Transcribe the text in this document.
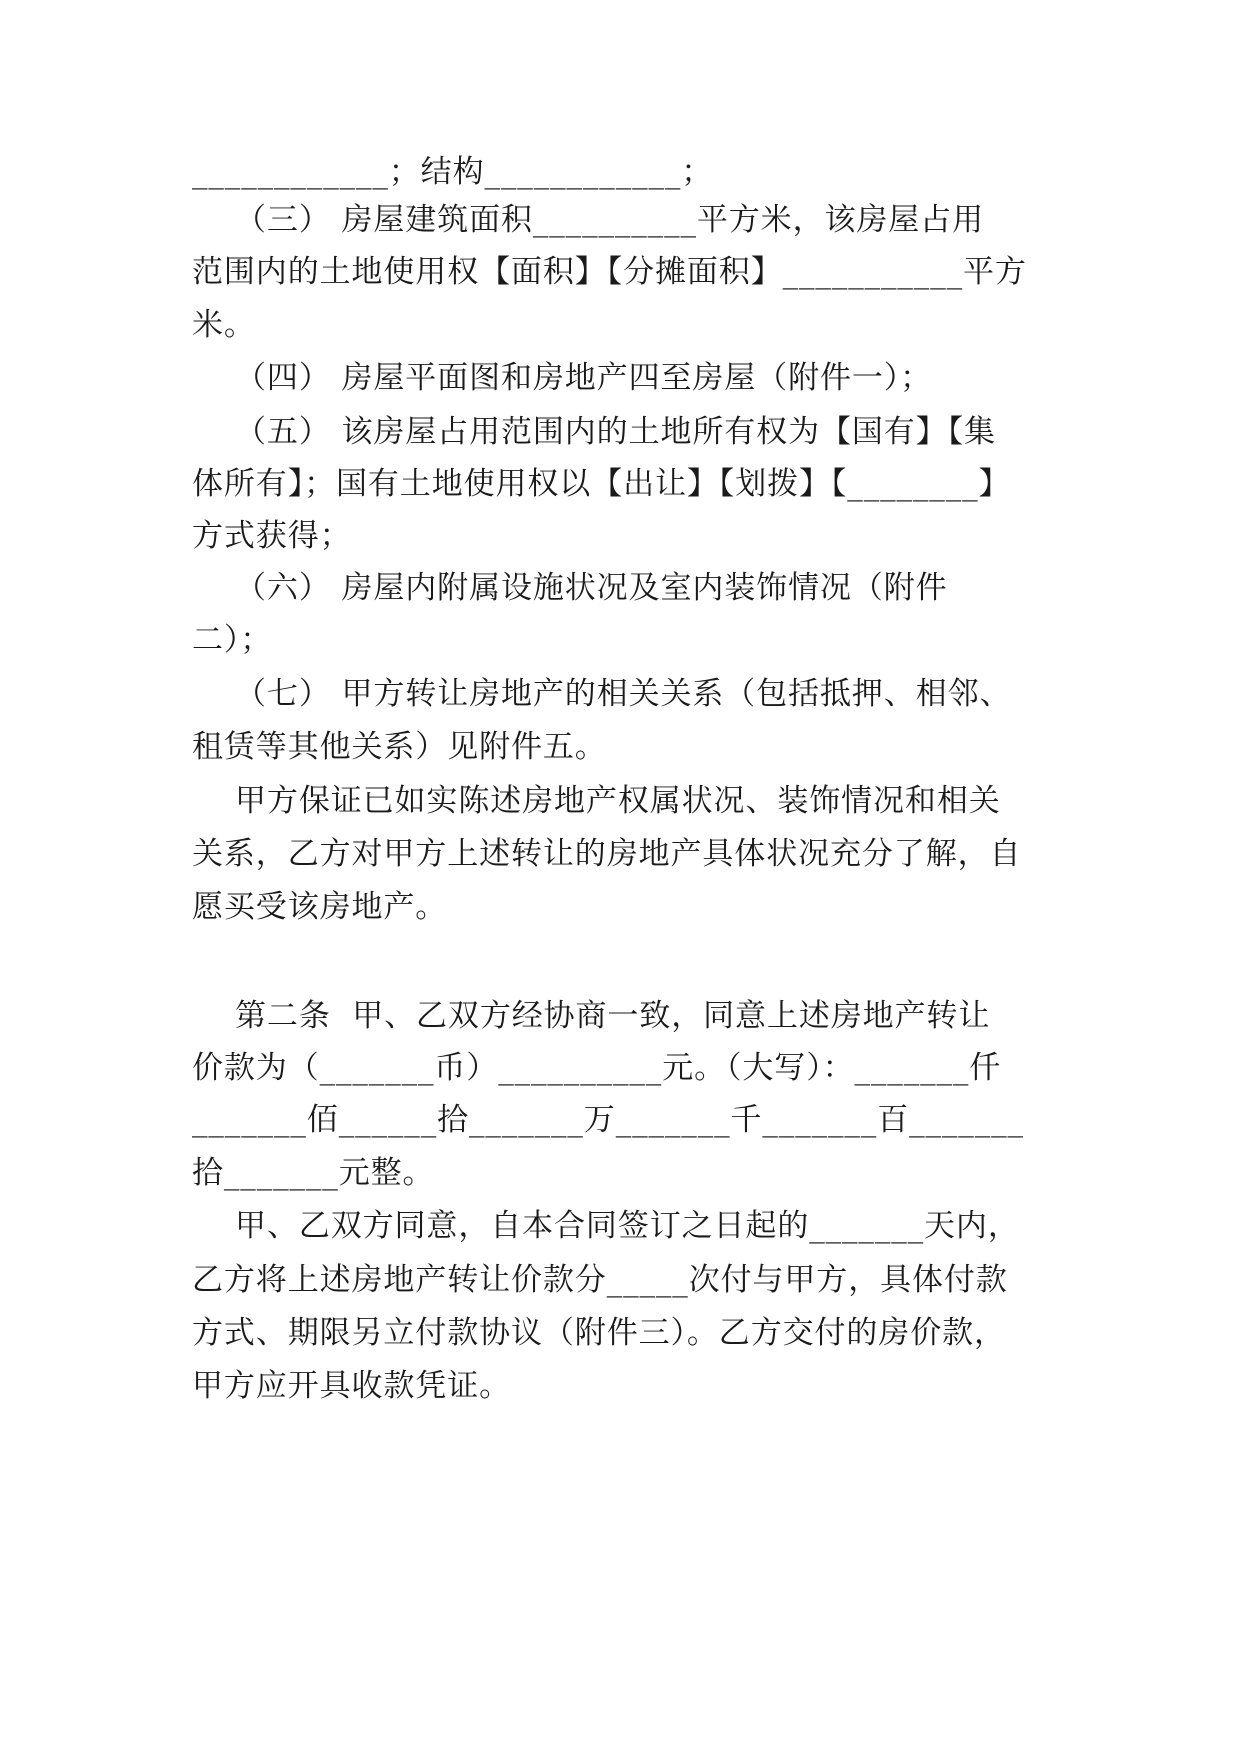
____________；结构____________；
（三） 房屋建筑面积__________平方米，该房屋占用
范围内的土地使用权【面积】【分摊面积】___________平方
米。
（四） 房屋平面图和房地产四至房屋（附件一）；
（五） 该房屋占用范围内的土地所有权为【国有】【集
体所有】；国有土地使用权以【出让】【划拨】【________】
方式获得；
（六） 房屋内附属设施状况及室内装饰情况（附件
二）；
（七） 甲方转让房地产的相关关系（包括抵押、相邻、
租赁等其他关系）见附件五。
甲方保证已如实陈述房地产权属状况、装饰情况和相关
关系，乙方对甲方上述转让的房地产具体状况充分了解，自
愿买受该房地产。
第二条  甲、乙双方经协商一致，同意上述房地产转让
价款为（_______币）__________元。（大写）：_______仟
_______佰______拾_______万_______千_______百_______
拾_______元整。
甲、乙双方同意，自本合同签订之日起的_______天内，
乙方将上述房地产转让价款分_____次付与甲方，具体付款
方式、期限另立付款协议（附件三）。乙方交付的房价款，
甲方应开具收款凭证。
